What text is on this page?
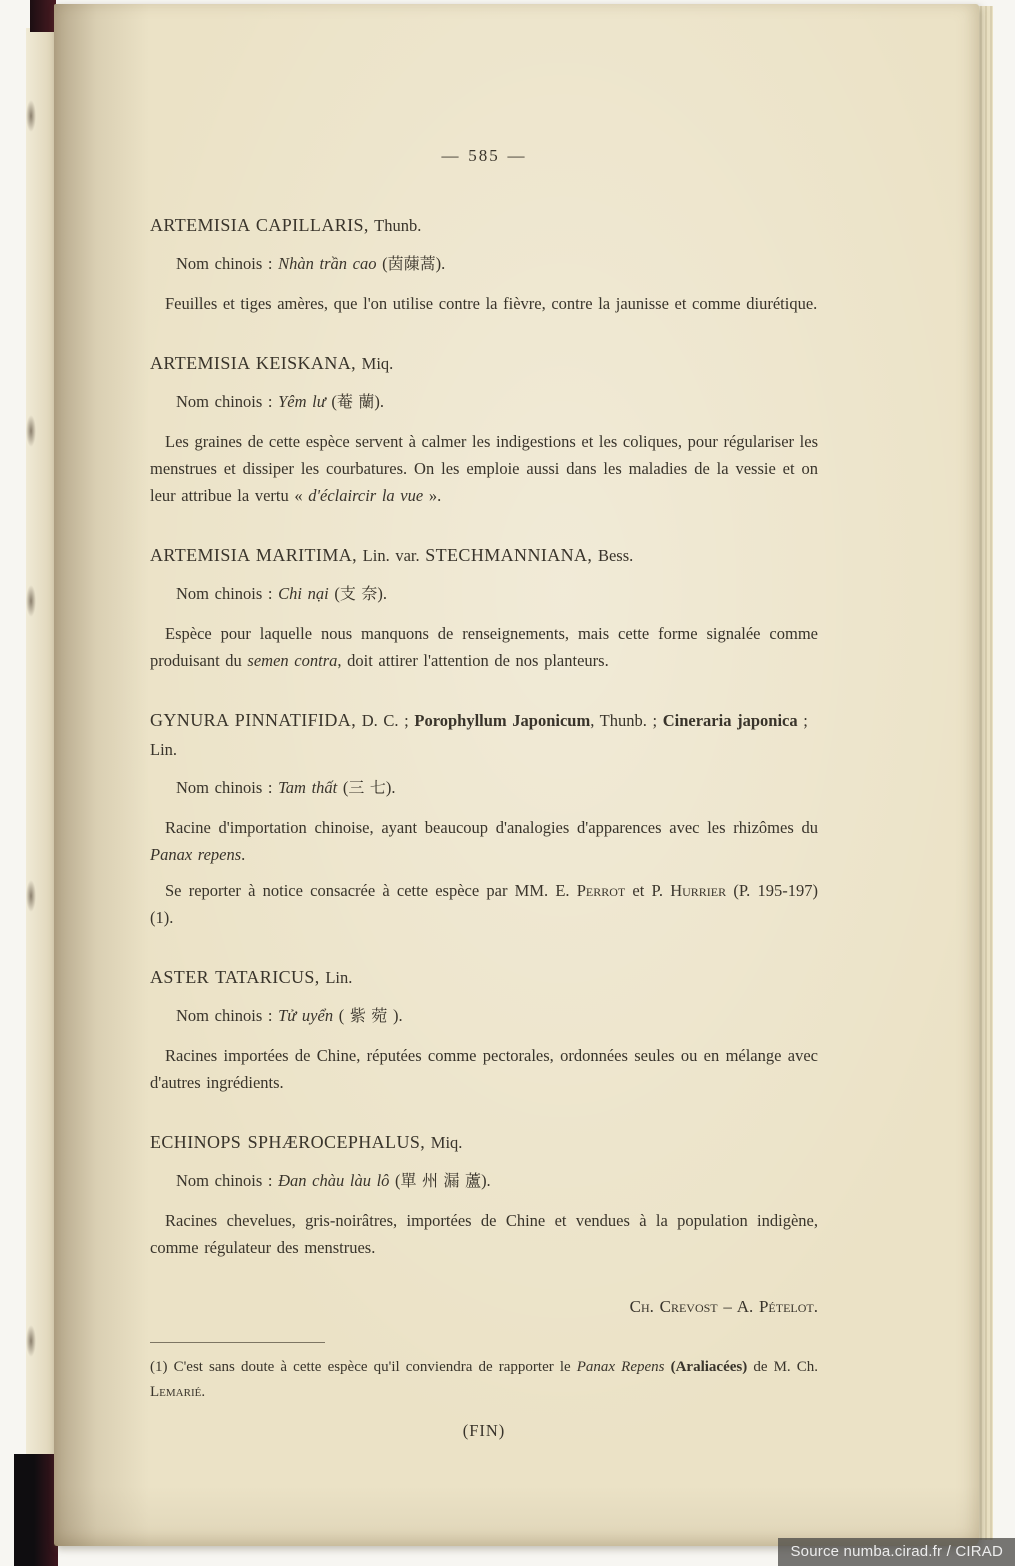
— 585 —
ARTEMISIA CAPILLARIS, Thunb.

Nom chinois : Nhàn trần cao (茵蔯蒿).

Feuilles et tiges amères, que l'on utilise contre la fièvre, contre la jaunisse et comme diurétique.

ARTEMISIA KEISKANA, Miq.

Nom chinois : Yêm lư (菴 蘭).

Les graines de cette espèce servent à calmer les indigestions et les coliques, pour régulariser les menstrues et dissiper les courbatures. On les emploie aussi dans les maladies de la vessie et on leur attribue la vertu « d'éclaircir la vue ».

ARTEMISIA MARITIMA, Lin. var. STECHMANNIANA, Bess.

Nom chinois : Chi nại (支 奈).

Espèce pour laquelle nous manquons de renseignements, mais cette forme signalée comme produisant du semen contra, doit attirer l'attention de nos planteurs.

GYNURA PINNATIFIDA, D. C. ; Porophyllum Japonicum, Thunb. ; Cineraria japonica ; Lin.

Nom chinois : Tam thất (三 七).

Racine d'importation chinoise, ayant beaucoup d'analogies d'apparences avec les rhizômes du Panax repens.

Se reporter à notice consacrée à cette espèce par MM. E. Perrot et P. Hurrier (P. 195-197) (1).

ASTER TATARICUS, Lin.

Nom chinois : Tử uyển ( 紫 菀 ).

Racines importées de Chine, réputées comme pectorales, ordonnées seules ou en mélange avec d'autres ingrédients.

ECHINOPS SPHÆROCEPHALUS, Miq.

Nom chinois : Đan chàu làu lô (單 州 漏 蘆).

Racines chevelues, gris-noirâtres, importées de Chine et vendues à la population indigène, comme régulateur des menstrues.

Ch. Crevost – A. Pételot.

(1) C'est sans doute à cette espèce qu'il conviendra de rapporter le Panax Repens (Araliacées) de M. Ch. Lemarié.

(FIN)
Source numba.cirad.fr / CIRAD
